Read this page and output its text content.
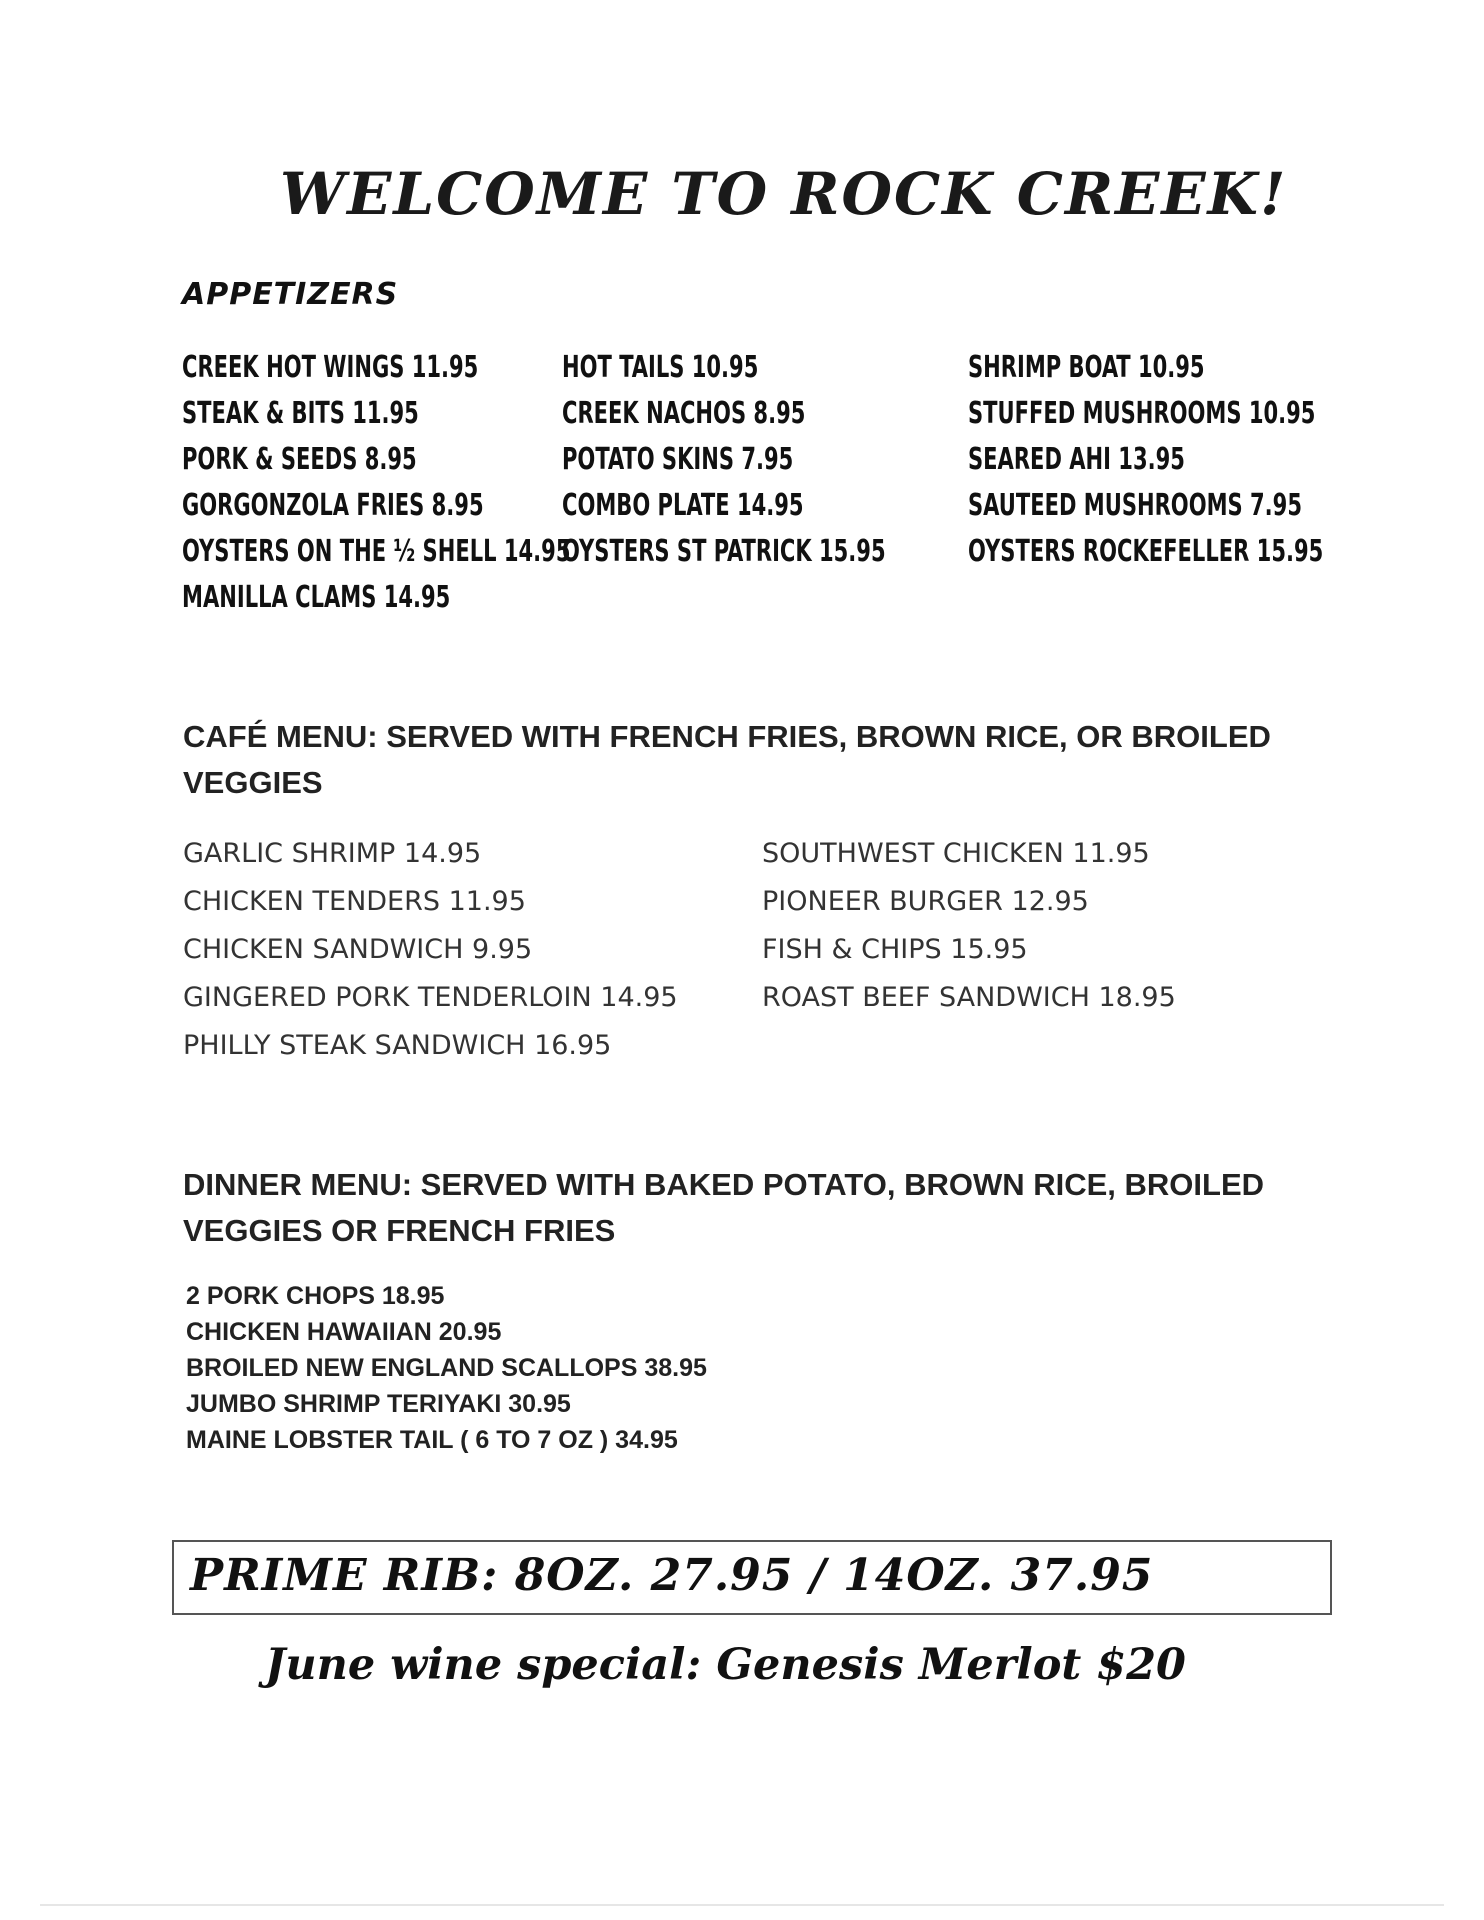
WELCOME TO ROCK CREEK!
APPETIZERS
CREEK HOT WINGS 11.95
STEAK & BITS 11.95
PORK & SEEDS 8.95
GORGONZOLA FRIES 8.95
OYSTERS ON THE ½ SHELL 14.95
MANILLA CLAMS 14.95
HOT TAILS 10.95
CREEK NACHOS 8.95
POTATO SKINS 7.95
COMBO PLATE 14.95
OYSTERS ST PATRICK 15.95
SHRIMP BOAT 10.95
STUFFED MUSHROOMS 10.95
SEARED AHI 13.95
SAUTEED MUSHROOMS 7.95
OYSTERS ROCKEFELLER 15.95
CAFÉ MENU: SERVED WITH FRENCH FRIES, BROWN RICE, OR BROILED VEGGIES
GARLIC SHRIMP 14.95
CHICKEN TENDERS 11.95
CHICKEN SANDWICH 9.95
GINGERED PORK TENDERLOIN 14.95
PHILLY STEAK SANDWICH 16.95
SOUTHWEST CHICKEN 11.95
PIONEER BURGER 12.95
FISH & CHIPS 15.95
ROAST BEEF SANDWICH 18.95
DINNER MENU: SERVED WITH BAKED POTATO, BROWN RICE, BROILED VEGGIES OR FRENCH FRIES
2 PORK CHOPS 18.95
CHICKEN HAWAIIAN 20.95
BROILED NEW ENGLAND SCALLOPS 38.95
JUMBO SHRIMP TERIYAKI 30.95
MAINE LOBSTER TAIL ( 6 TO 7 OZ ) 34.95
PRIME RIB: 8OZ. 27.95 / 14OZ. 37.95
June wine special: Genesis Merlot $20
